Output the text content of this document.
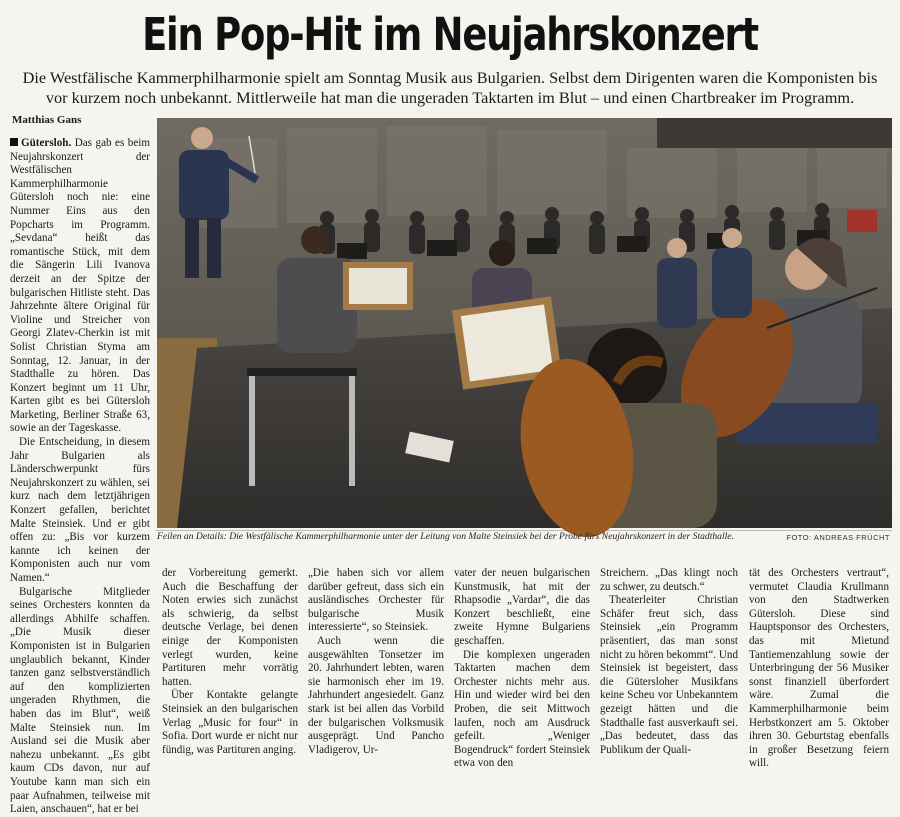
Ein Pop-Hit im Neujahrskonzert
Die Westfälische Kammerphilharmonie spielt am Sonntag Musik aus Bulgarien. Selbst dem Dirigenten waren die Komponisten bis vor kurzem noch unbekannt. Mittlerweile hat man die ungeraden Taktarten im Blut – und einen Chartbreaker im Programm.
Matthias Gans
Feilen an Details: Die Westfälische Kammerphilharmonie unter der Leitung von Malte Steinsiek bei der Probe fürs Neujahrskonzert in der Stadthalle.	FOTO: ANDREAS FRÜCHT

Gütersloh. Das gab es beim Neujahrskonzert der Westfälischen Kammerphilharmonie Gütersloh noch nie: eine Nummer Eins aus den Popcharts im Programm. „Sevdana“ heißt das romantische Stück, mit dem die Sängerin Lili Ivanova derzeit an der Spitze der bulgarischen Hitliste steht. Das Jahrzehnte ältere Original für Violine und Streicher von Georgi Zlatev-Cherkin ist mit Solist Christian Styma am Sonntag, 12. Januar, in der Stadthalle zu hören. Das Konzert beginnt um 11 Uhr, Karten gibt es bei Gütersloh Marketing, Berliner Straße 63, sowie an der Tageskasse.

Die Entscheidung, in diesem Jahr Bulgarien als Länderschwerpunkt fürs Neujahrskonzert zu wählen, sei kurz nach dem letztjährigen Konzert gefallen, berichtet Malte Steinsiek. Und er gibt offen zu: „Bis vor kurzem kannte ich keinen der Komponisten auch nur vom Namen.“

Bulgarische Mitglieder seines Orchesters konnten da allerdings Abhilfe schaffen. „Die Musik dieser Komponisten ist in Bulgarien unglaublich bekannt, Kinder tanzen ganz selbstverständlich auf den komplizierten ungeraden Rhythmen, die haben das im Blut“, weiß Malte Steinsiek nun. Im Ausland sei die Musik aber nahezu unbekannt. „Es gibt kaum CDs davon, nur auf Youtube kann man sich ein paar Aufnahmen, teilweise mit Laien, anschauen“, hat er bei

der Vorbereitung gemerkt. Auch die Beschaffung der Noten erwies sich zunächst als schwierig, da selbst deutsche Verlage, bei denen einige der Komponisten verlegt wurden, keine Partituren mehr vorrätig hatten.

Über Kontakte gelangte Steinsiek an den bulgarischen Verlag „Music for four“ in Sofia. Dort wurde er nicht nur fündig, was Partituren anging.

„Die haben sich vor allem darüber gefreut, dass sich ein ausländisches Orchester für bulgarische Musik interessierte“, so Steinsiek.

Auch wenn die ausgewählten Tonsetzer im 20. Jahrhundert lebten, waren sie harmonisch eher im 19. Jahrhundert angesiedelt. Ganz stark ist bei allen das Vorbild der bulgarischen Volksmusik ausgeprägt. Und Pancho Vladigerov, Ur-

vater der neuen bulgarischen Kunstmusik, hat mit der Rhapsodie „Vardar“, die das Konzert beschließt, eine zweite Hymne Bulgariens geschaffen.

Die komplexen ungeraden Taktarten machen dem Orchester nichts mehr aus. Hin und wieder wird bei den Proben, die seit Mittwoch laufen, noch am Ausdruck gefeilt. „Weniger Bogendruck“ fordert Steinsiek etwa von den

Streichern. „Das klingt noch zu schwer, zu deutsch.“

Theaterleiter Christian Schäfer freut sich, dass Steinsiek „ein Programm präsentiert, das man sonst nicht zu hören bekommt“. Und Steinsiek ist begeistert, dass die Gütersloher Musikfans keine Scheu vor Unbekanntem gezeigt hätten und die Stadthalle fast ausverkauft sei. „Das bedeutet, dass das Publikum der Quali-

tät des Orchesters vertraut“, vermutet Claudia Krullmann von den Stadtwerken Gütersloh. Diese sind Hauptsponsor des Orchesters, das mit Mietund Tantiemenzahlung sowie der Unterbringung der 56 Musiker sonst finanziell überfordert wäre. Zumal die Kammerphilharmonie beim Herbstkonzert am 5. Oktober ihren 30. Geburtstag ebenfalls in großer Besetzung feiern will.
